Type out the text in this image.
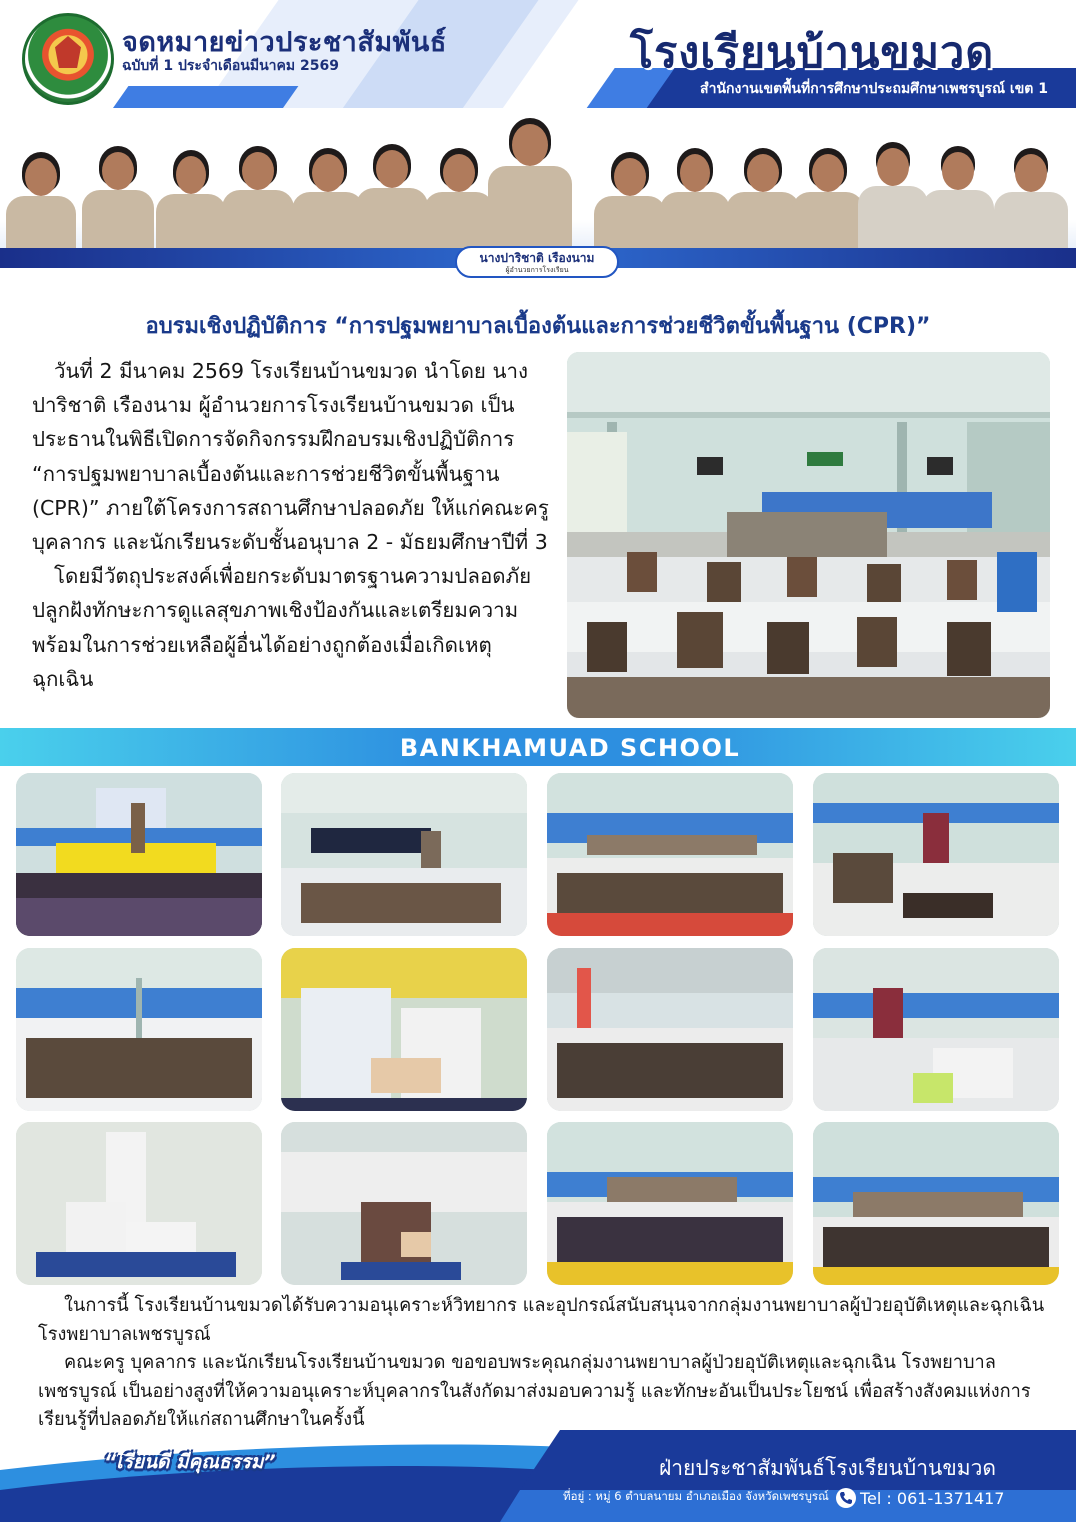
จดหมายข่าวประชาสัมพันธ์
ฉบับที่ 1 ประจำเดือนมีนาคม 2569	โรงเรียนบ้านขมวด
สำนักงานเขตพื้นที่การศึกษาประถมศึกษาเพชรบูรณ์ เขต 1
นางปาริชาติ เรืองนาม
ผู้อำนวยการโรงเรียน
อบรมเชิงปฏิบัติการ “การปฐมพยาบาลเบื้องต้นและการช่วยชีวิตขั้นพื้นฐาน (CPR)”

วันที่ 2 มีนาคม 2569 โรงเรียนบ้านขมวด นำโดย นางปาริชาติ เรืองนาม ผู้อำนวยการโรงเรียนบ้านขมวด เป็นประธานในพิธีเปิดการจัดกิจกรรมฝึกอบรมเชิงปฏิบัติการ “การปฐมพยาบาลเบื้องต้นและการช่วยชีวิตขั้นพื้นฐาน (CPR)” ภายใต้โครงการสถานศึกษาปลอดภัย ให้แก่คณะครู บุคลากร และนักเรียนระดับชั้นอนุบาล 2 - มัธยมศึกษาปีที่ 3

โดยมีวัตถุประสงค์เพื่อยกระดับมาตรฐานความปลอดภัย ปลูกฝังทักษะการดูแลสุขภาพเชิงป้องกันและเตรียมความพร้อมในการช่วยเหลือผู้อื่นได้อย่างถูกต้องเมื่อเกิดเหตุฉุกเฉิน

BANKHAMUAD SCHOOL

ในการนี้ โรงเรียนบ้านขมวดได้รับความอนุเคราะห์วิทยากร และอุปกรณ์สนับสนุนจากกลุ่มงานพยาบาลผู้ป่วยอุบัติเหตุและฉุกเฉิน โรงพยาบาลเพชรบูรณ์

คณะครู บุคลากร และนักเรียนโรงเรียนบ้านขมวด ขอขอบพระคุณกลุ่มงานพยาบาลผู้ป่วยอุบัติเหตุและฉุกเฉิน โรงพยาบาลเพชรบูรณ์ เป็นอย่างสูงที่ให้ความอนุเคราะห์บุคลากรในสังกัดมาส่งมอบความรู้ และทักษะอันเป็นประโยชน์ เพื่อสร้างสังคมแห่งการเรียนรู้ที่ปลอดภัยให้แก่สถานศึกษาในครั้งนี้

“เรียนดี มีคุณธรรม”	ฝ่ายประชาสัมพันธ์โรงเรียนบ้านขมวด
ที่อยู่ : หมู่ 6 ตำบลนายม อำเภอเมือง จังหวัดเพชรบูรณ์ Tel : 061-1371417
